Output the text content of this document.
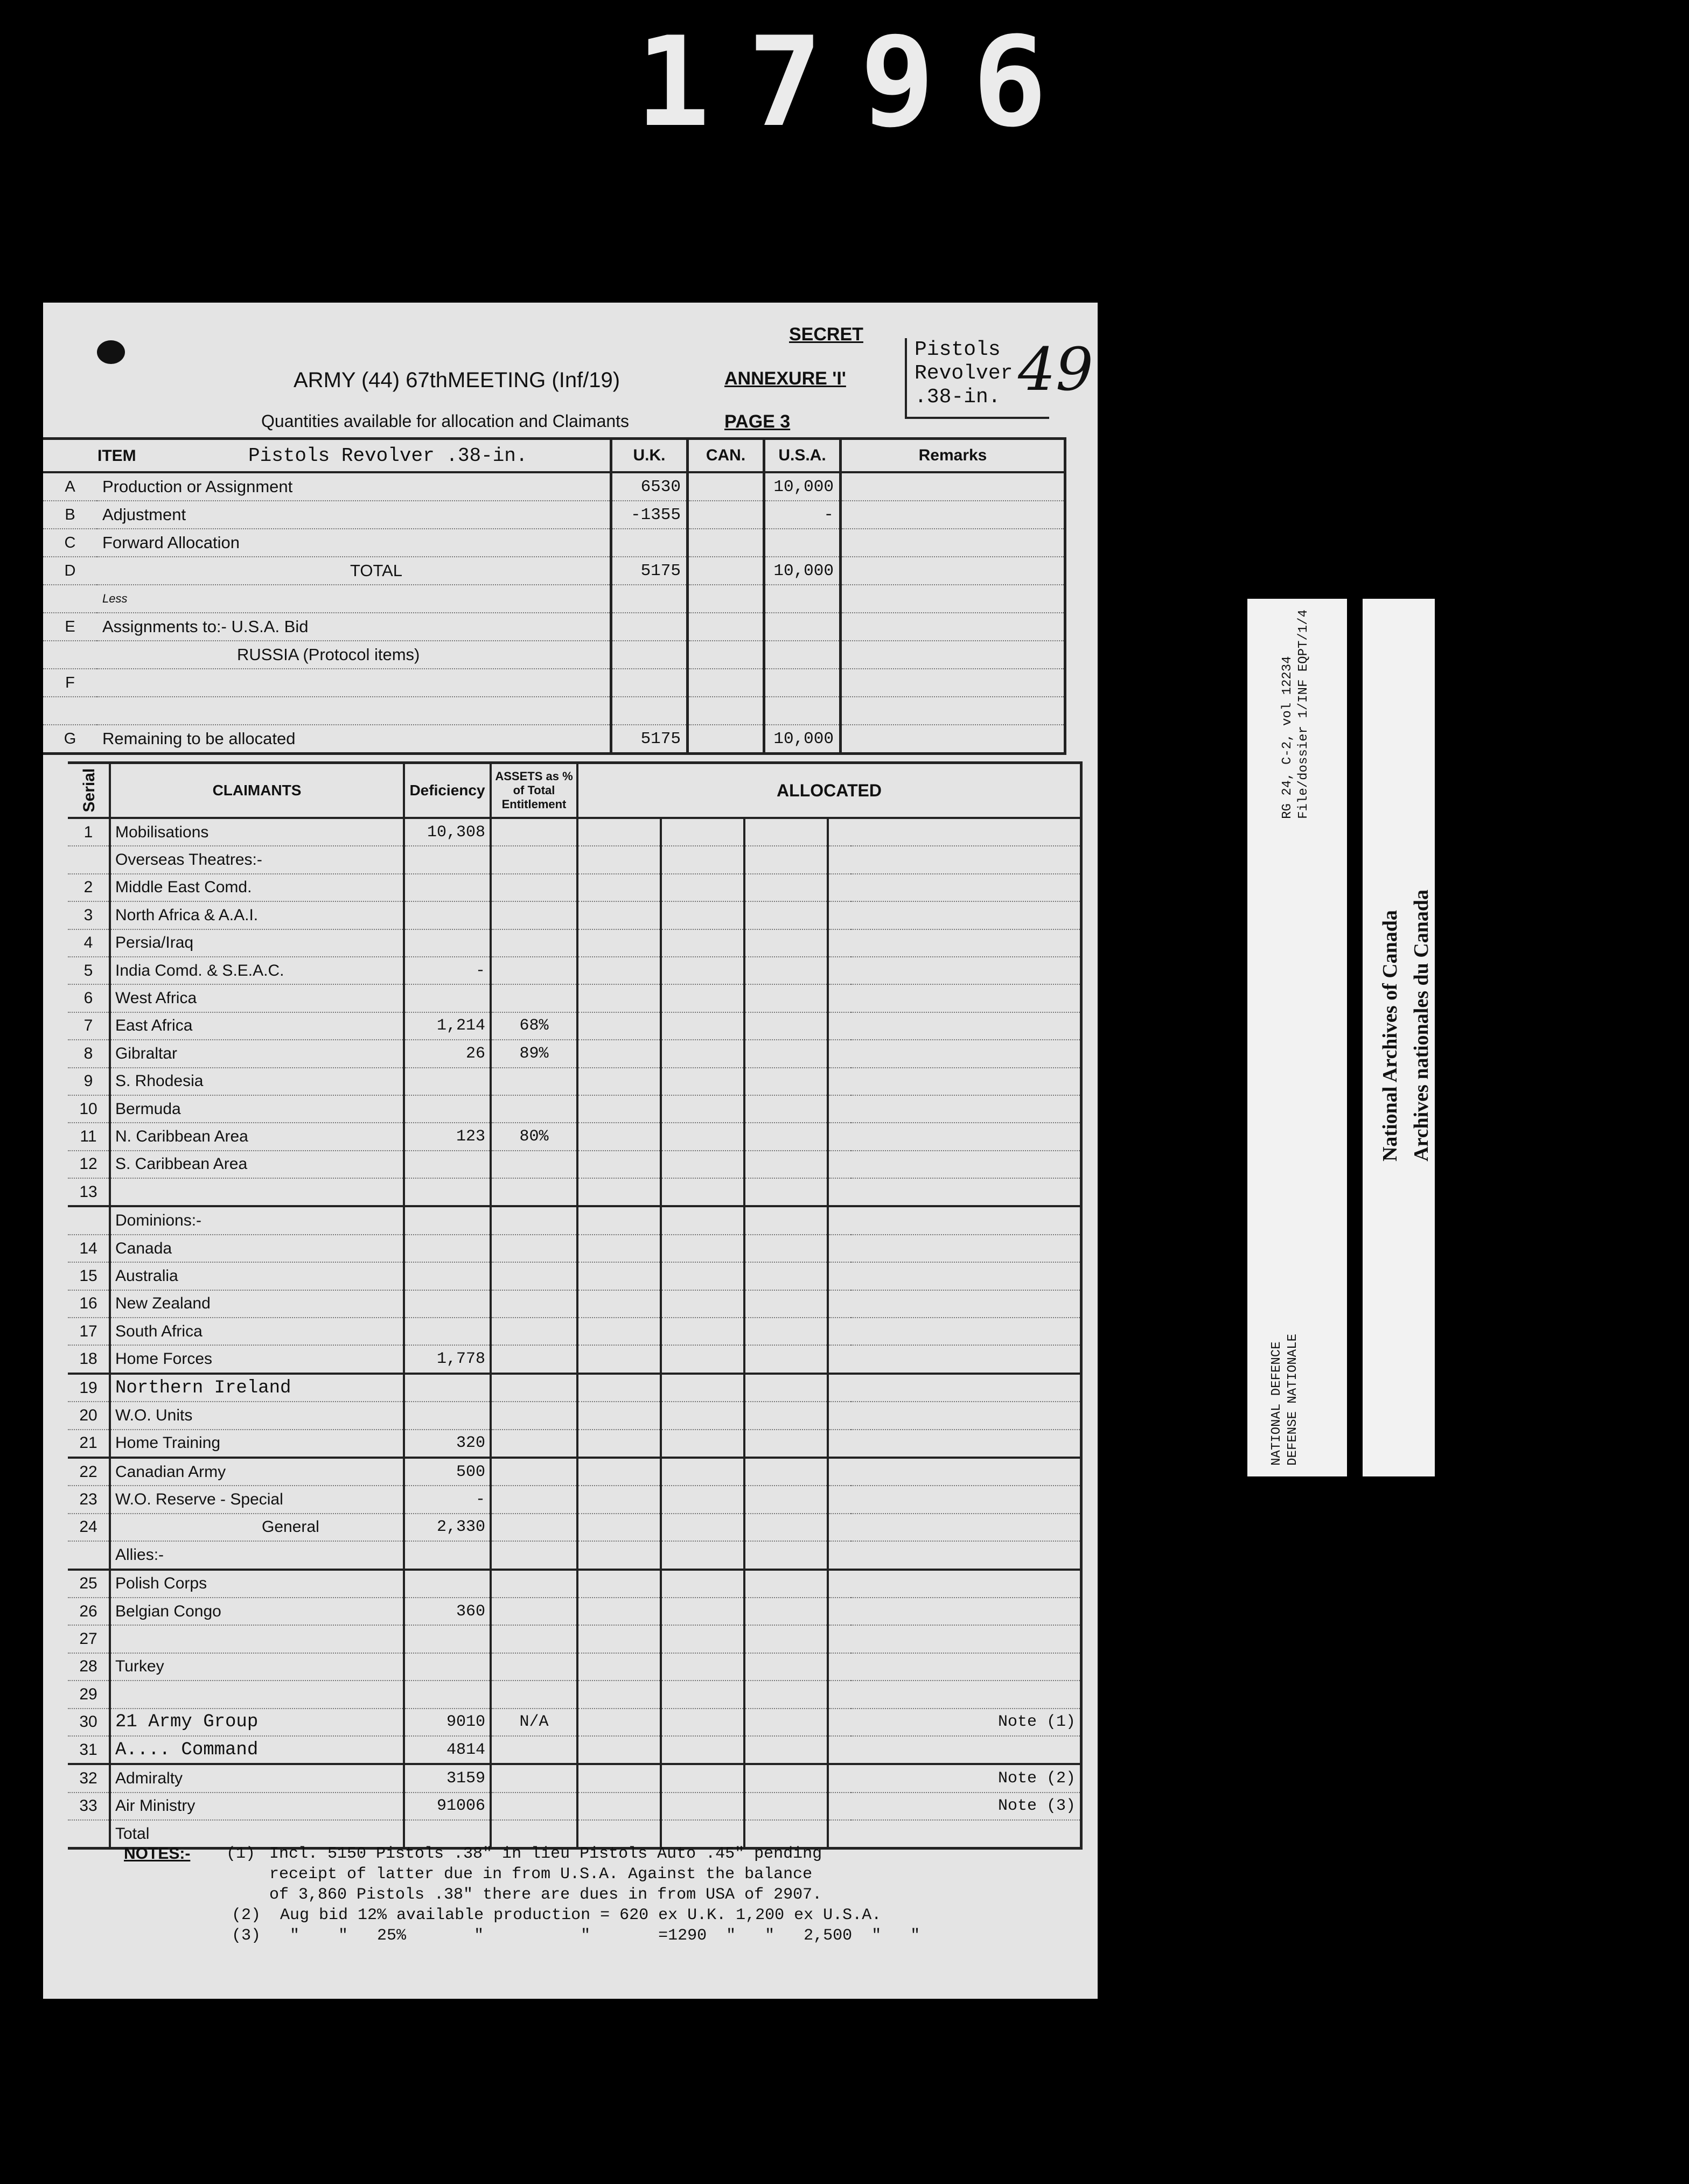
1796
ARMY (44) 67thMEETING (Inf/19)
Quantities available for allocation and Claimants
SECRET
ANNEXURE 'I'
PAGE 3
Pistols
Revolver
.38-in. 49
	ITEM Pistols Revolver .38-in.	U.K.	CAN.	U.S.A.	Remarks
A	Production or Assignment	6530		10,000	
B	Adjustment	-1355		-	
C	Forward Allocation				
D	TOTAL	5175		10,000	
	Less				
E	Assignments to:- U.S.A. Bid				
	RUSSIA (Protocol items)				
F					

G	Remaining to be allocated	5175		10,000	
Serial	CLAIMANTS	Deficiency	ASSETS as % of Total Entitlement	ALLOCATED				
1	Mobilisations	10,308						
	Overseas Theatres:-							
2	Middle East Comd.							
3	North Africa & A.A.I.							
4	Persia/Iraq							
5	India Comd. & S.E.A.C.	-						
6	West Africa							
7	East Africa	1,214	68%					
8	Gibraltar	26	89%					
9	S. Rhodesia							
10	Bermuda							
11	N. Caribbean Area	123	80%					
12	S. Caribbean Area							
13								
	Dominions:-							
14	Canada							
15	Australia							
16	New Zealand							
17	South Africa							
18	Home Forces	1,778						
19	Northern Ireland							
20	W.O. Units							
21	Home Training	320						
22	Canadian Army	500						
23	W.O. Reserve - Special	-						
24	General	2,330						
	Allies:-							
25	Polish Corps							
26	Belgian Congo	360						
27								
28	Turkey							
29								
30	21 Army Group	9010	N/A					Note (1)
31	A.... Command	4814						
32	Admiralty	3159						Note (2)
33	Air Ministry	91006						Note (3)
	Total							
NOTES:-	(1) Incl. 5150 Pistols .38" in lieu Pistols Auto .45" pending
receipt of latter due in from U.S.A. Against the balance
of 3,860 Pistols .38" there are dues in from USA of 2907.
(2)  Aug bid 12% available production = 620 ex U.K. 1,200 ex U.S.A.
(3)   "    "   25%       "          "       =1290  "   "   2,500  "   "
RG 24, C-2, vol 12234 File/dossier 1/INF EQPT/1/4
NATIONAL DEFENCE DEFENSE NATIONALE
National Archives of Canada Archives nationales du Canada
